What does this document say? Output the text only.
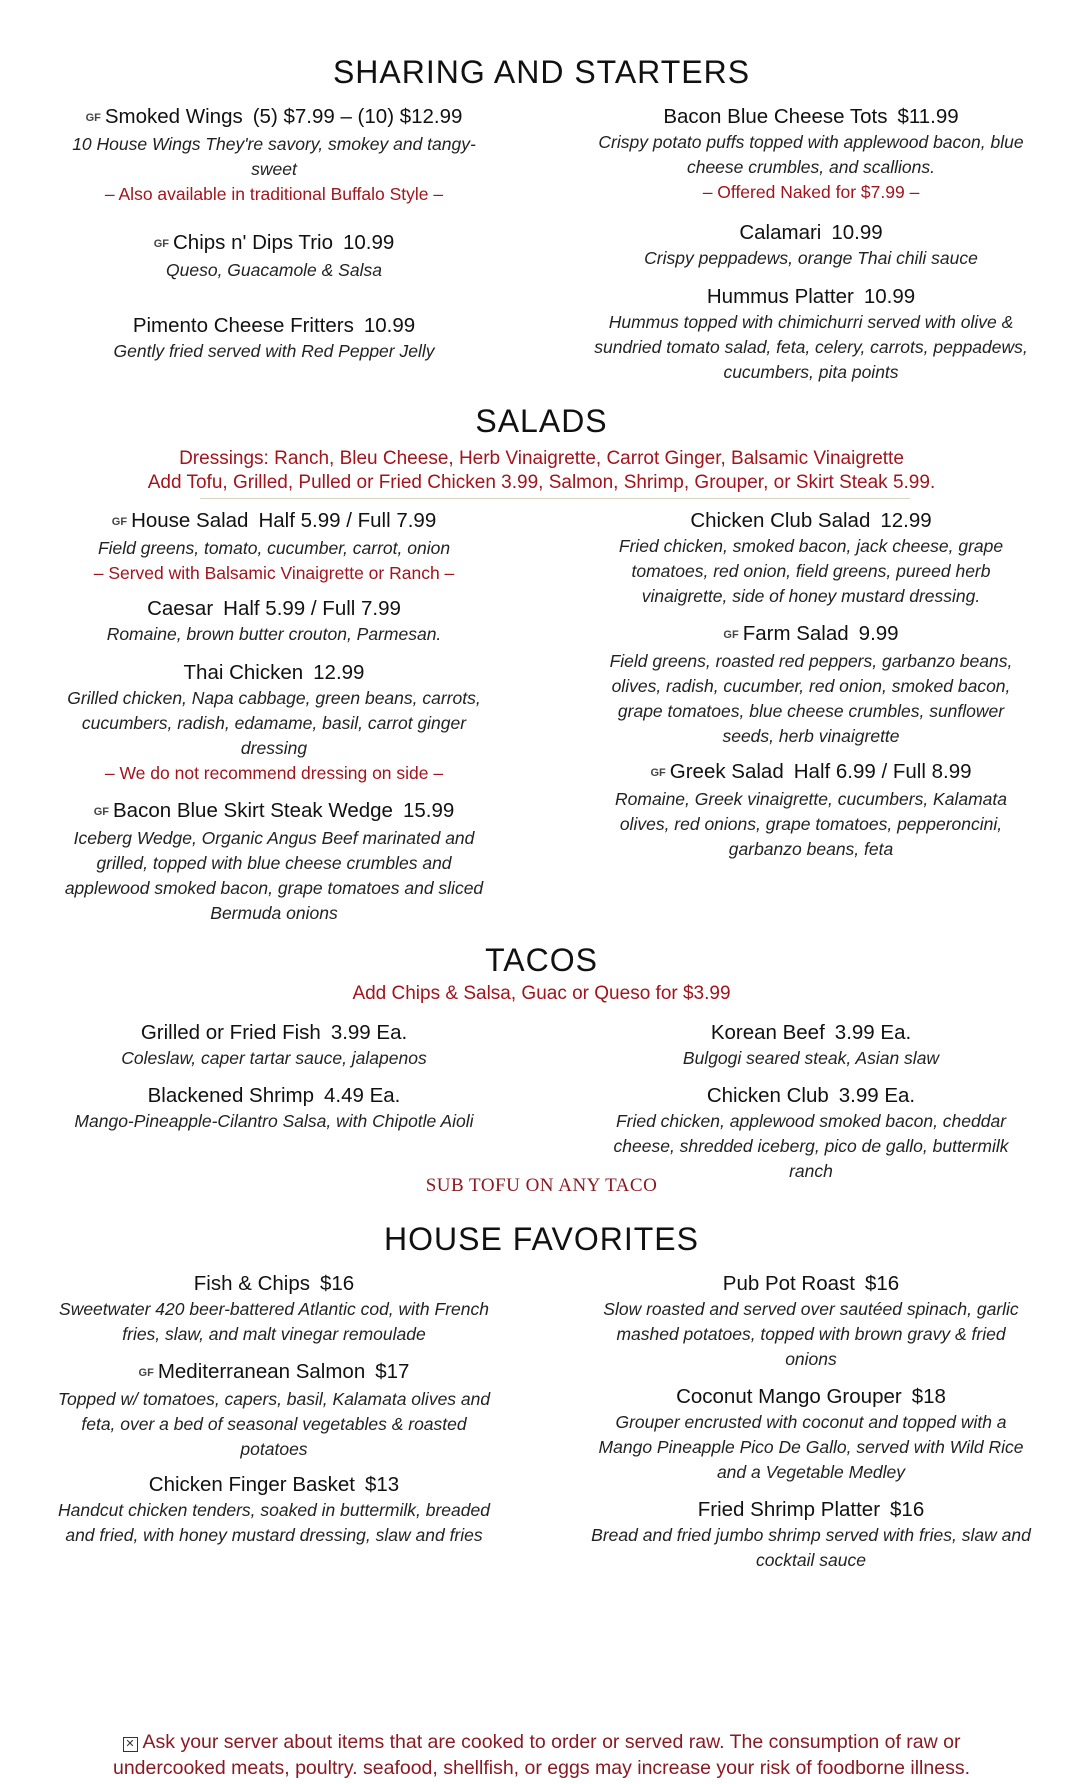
SHARING AND STARTERS
GF Smoked Wings (5) $7.99 – (10) $12.99
10 House Wings They're savory, smokey and tangy-sweet
– Also available in traditional Buffalo Style –
GF Chips n' Dips Trio 10.99
Queso, Guacamole & Salsa
Pimento Cheese Fritters 10.99
Gently fried served with Red Pepper Jelly
Bacon Blue Cheese Tots $11.99
Crispy potato puffs topped with applewood bacon, blue cheese crumbles, and scallions.
– Offered Naked for $7.99 –
Calamari 10.99
Crispy peppadews, orange Thai chili sauce
Hummus Platter 10.99
Hummus topped with chimichurri served with olive & sundried tomato salad, feta, celery, carrots, peppadews, cucumbers, pita points
SALADS
Dressings: Ranch, Bleu Cheese, Herb Vinaigrette, Carrot Ginger, Balsamic Vinaigrette
Add Tofu, Grilled, Pulled or Fried Chicken 3.99, Salmon, Shrimp, Grouper, or Skirt Steak 5.99.
GF House Salad Half 5.99 / Full 7.99
Field greens, tomato, cucumber, carrot, onion
– Served with Balsamic Vinaigrette or Ranch –
Caesar Half 5.99 / Full 7.99
Romaine, brown butter crouton, Parmesan.
Thai Chicken 12.99
Grilled chicken, Napa cabbage, green beans, carrots, cucumbers, radish, edamame, basil, carrot ginger dressing
– We do not recommend dressing on side –
GF Bacon Blue Skirt Steak Wedge 15.99
Iceberg Wedge, Organic Angus Beef marinated and grilled, topped with blue cheese crumbles and applewood smoked bacon, grape tomatoes and sliced Bermuda onions
Chicken Club Salad 12.99
Fried chicken, smoked bacon, jack cheese, grape tomatoes, red onion, field greens, pureed herb vinaigrette, side of honey mustard dressing.
GF Farm Salad 9.99
Field greens, roasted red peppers, garbanzo beans, olives, radish, cucumber, red onion, smoked bacon, grape tomatoes, blue cheese crumbles, sunflower seeds, herb vinaigrette
GF Greek Salad Half 6.99 / Full 8.99
Romaine, Greek vinaigrette, cucumbers, Kalamata olives, red onions, grape tomatoes, pepperoncini, garbanzo beans, feta
TACOS
Add Chips & Salsa, Guac or Queso for $3.99
Grilled or Fried Fish 3.99 Ea.
Coleslaw, caper tartar sauce, jalapenos
Blackened Shrimp 4.49 Ea.
Mango-Pineapple-Cilantro Salsa, with Chipotle Aioli
Korean Beef 3.99 Ea.
Bulgogi seared steak, Asian slaw
Chicken Club 3.99 Ea.
Fried chicken, applewood smoked bacon, cheddar cheese, shredded iceberg, pico de gallo, buttermilk ranch
SUB TOFU ON ANY TACO
HOUSE FAVORITES
Fish & Chips $16
Sweetwater 420 beer-battered Atlantic cod, with French fries, slaw, and malt vinegar remoulade
GF Mediterranean Salmon $17
Topped w/ tomatoes, capers, basil, Kalamata olives and feta, over a bed of seasonal vegetables & roasted potatoes
Chicken Finger Basket $13
Handcut chicken tenders, soaked in buttermilk, breaded and fried, with honey mustard dressing, slaw and fries
Pub Pot Roast $16
Slow roasted and served over sautéed spinach, garlic mashed potatoes, topped with brown gravy & fried onions
Coconut Mango Grouper $18
Grouper encrusted with coconut and topped with a Mango Pineapple Pico De Gallo, served with Wild Rice and a Vegetable Medley
Fried Shrimp Platter $16
Bread and fried jumbo shrimp served with fries, slaw and cocktail sauce
✕ Ask your server about items that are cooked to order or served raw. The consumption of raw or
undercooked meats, poultry. seafood, shellfish, or eggs may increase your risk of foodborne illness.
